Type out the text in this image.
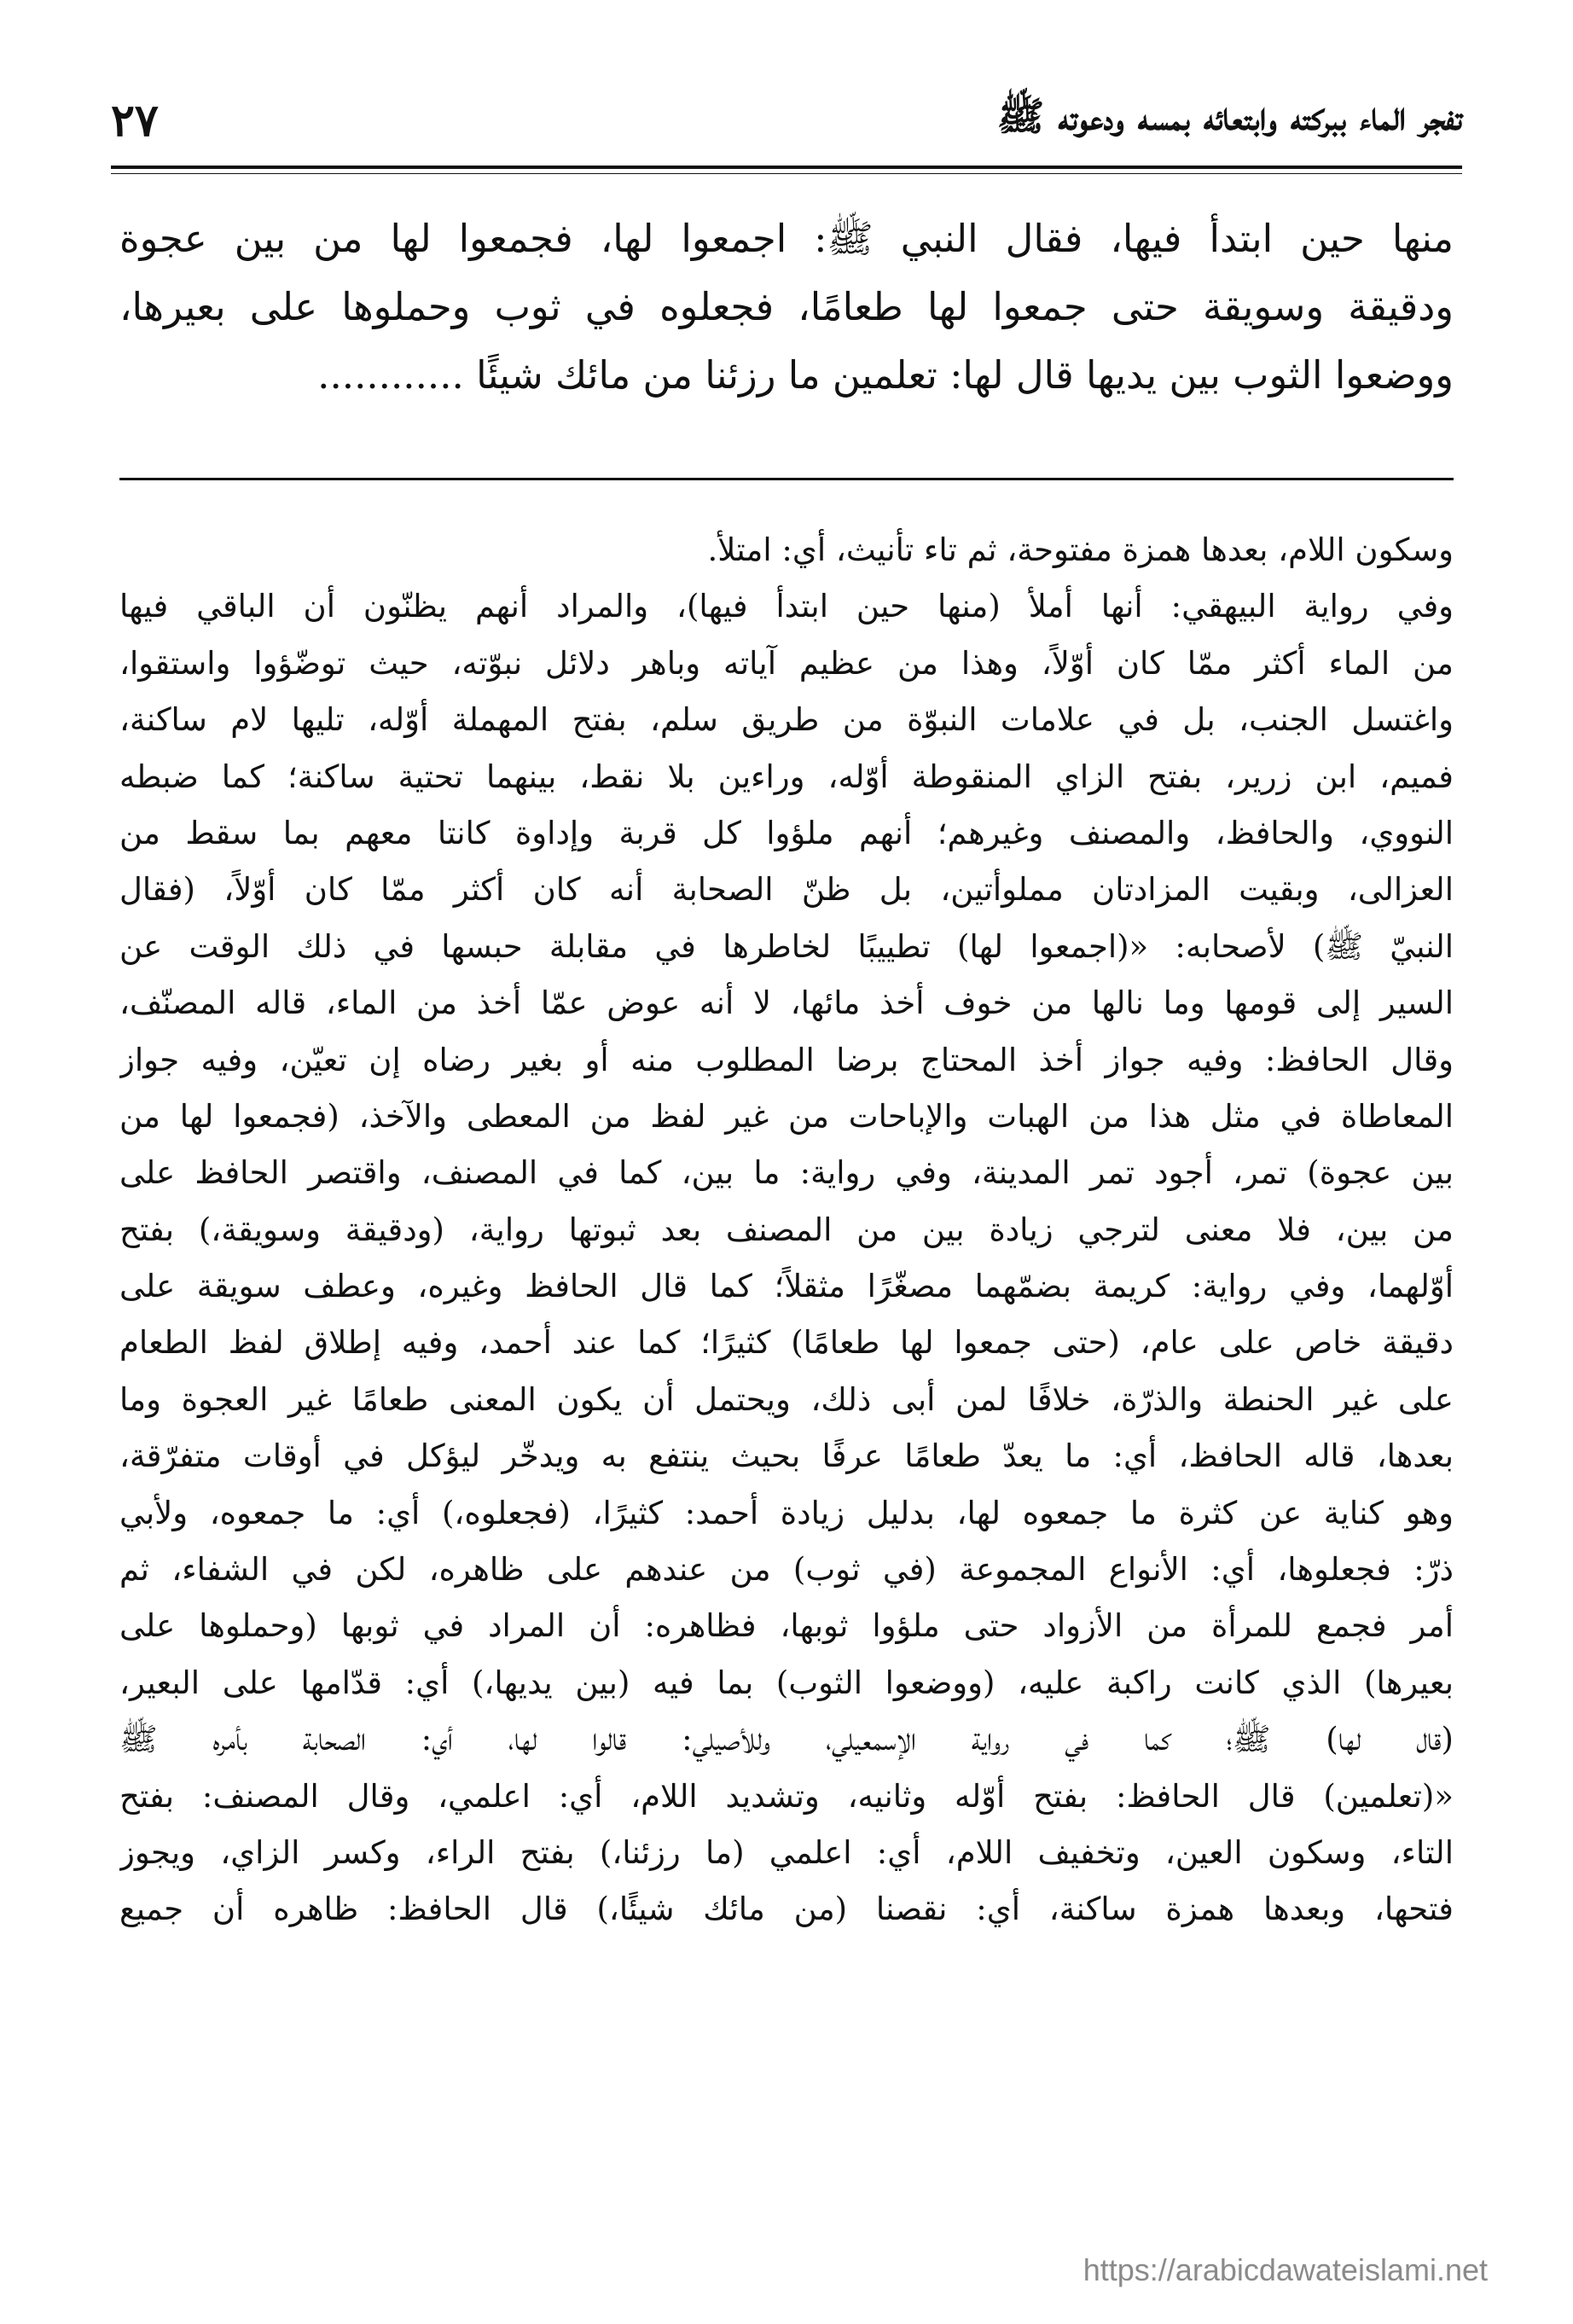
تفجر الماء ببركته وابتعائه بمسه ودعوته ﷺ
٢٧
منها حين ابتدأ فيها، فقال النبي ﷺ: اجمعوا لها، فجمعوا لها من بين عجوة
ودقيقة وسويقة حتى جمعوا لها طعامًا، فجعلوه في ثوب وحملوها على بعيرها،
ووضعوا الثوب بين يديها قال لها: تعلمين ما رزئنا من مائك شيئًا ............
وسكون اللام، بعدها همزة مفتوحة، ثم تاء تأنيث، أي: امتلأ.
وفي رواية البيهقي: أنها أملأ (منها حين ابتدأ فيها)، والمراد أنهم يظنّون أن الباقي فيها
من الماء أكثر ممّا كان أوّلاً، وهذا من عظيم آياته وباهر دلائل نبوّته، حيث توضّؤوا واستقوا،
واغتسل الجنب، بل في علامات النبوّة من طريق سلم، بفتح المهملة أوّله، تليها لام ساكنة،
فميم، ابن زرير، بفتح الزاي المنقوطة أوّله، وراءين بلا نقط، بينهما تحتية ساكنة؛ كما ضبطه
النووي، والحافظ، والمصنف وغيرهم؛ أنهم ملؤوا كل قربة وإداوة كانتا معهم بما سقط من
العزالى، وبقيت المزادتان مملوأتين، بل ظنّ الصحابة أنه كان أكثر ممّا كان أوّلاً، (فقال
النبيّ ﷺ) لأصحابه: «(اجمعوا لها) تطييبًا لخاطرها في مقابلة حبسها في ذلك الوقت عن
السير إلى قومها وما نالها من خوف أخذ مائها، لا أنه عوض عمّا أخذ من الماء، قاله المصنّف،
وقال الحافظ: وفيه جواز أخذ المحتاج برضا المطلوب منه أو بغير رضاه إن تعيّن، وفيه جواز
المعاطاة في مثل هذا من الهبات والإباحات من غير لفظ من المعطى والآخذ، (فجمعوا لها من
بين عجوة) تمر، أجود تمر المدينة، وفي رواية: ما بين، كما في المصنف، واقتصر الحافظ على
من بين، فلا معنى لترجي زيادة بين من المصنف بعد ثبوتها رواية، (ودقيقة وسويقة،) بفتح
أوّلهما، وفي رواية: كريمة بضمّهما مصغّرًا مثقلاً؛ كما قال الحافظ وغيره، وعطف سويقة على
دقيقة خاص على عام، (حتى جمعوا لها طعامًا) كثيرًا؛ كما عند أحمد، وفيه إطلاق لفظ الطعام
على غير الحنطة والذرّة، خلافًا لمن أبى ذلك، ويحتمل أن يكون المعنى طعامًا غير العجوة وما
بعدها، قاله الحافظ، أي: ما يعدّ طعامًا عرفًا بحيث ينتفع به ويدخّر ليؤكل في أوقات متفرّقة،
وهو كناية عن كثرة ما جمعوه لها، بدليل زيادة أحمد: كثيرًا، (فجعلوه،) أي: ما جمعوه، ولأبي
ذرّ: فجعلوها، أي: الأنواع المجموعة (في ثوب) من عندهم على ظاهره، لكن في الشفاء، ثم
أمر فجمع للمرأة من الأزواد حتى ملؤوا ثوبها، فظاهره: أن المراد في ثوبها (وحملوها على
بعيرها) الذي كانت راكبة عليه، (ووضعوا الثوب) بما فيه (بين يديها،) أي: قدّامها على البعير،
(قال لها) ﷺ؛ كما في رواية الإسمعيلي، وللأصيلي: قالوا لها، أي: الصحابة بأمره ﷺ
«(تعلمين) قال الحافظ: بفتح أوّله وثانيه، وتشديد اللام، أي: اعلمي، وقال المصنف: بفتح
التاء، وسكون العين، وتخفيف اللام، أي: اعلمي (ما رزئنا،) بفتح الراء، وكسر الزاي، ويجوز
فتحها، وبعدها همزة ساكنة، أي: نقصنا (من مائك شيئًا،) قال الحافظ: ظاهره أن جميع
https://arabicdawateislami.net
